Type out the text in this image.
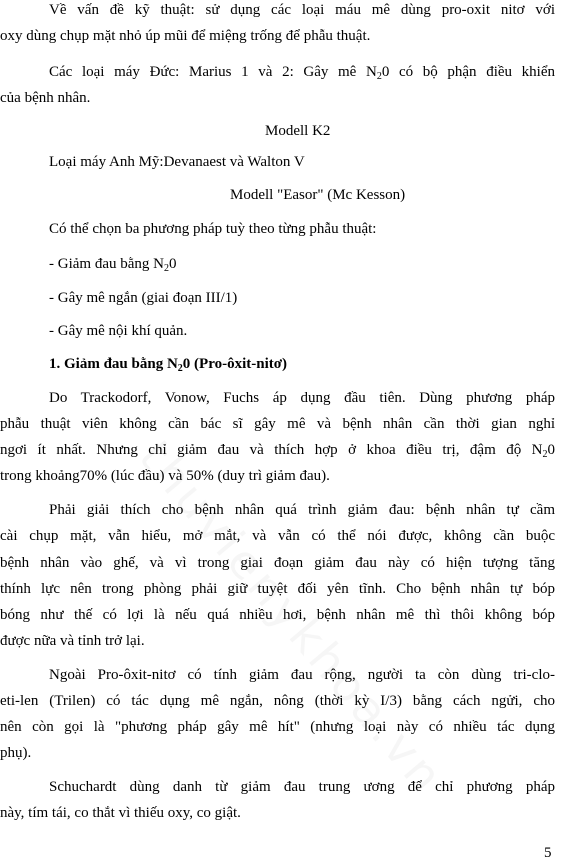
Về vấn đề kỹ thuật: sử dụng các loại máu mê dùng pro-oxit nitơ với
oxy dùng chụp mặt nhỏ úp mũi để miệng trống để phẫu thuật.
Các loại máy Đức: Marius 1 và 2: Gây mê $N_20$ có bộ phận điều khiển
của bệnh nhân.
Modell K2
Loại máy Anh Mỹ:Devanaest và Walton V
Modell "Easor" (Mc Kesson)
Có thể chọn ba phương pháp tuỳ theo từng phẫu thuật:
- Giảm đau bằng $N_20$
- Gây mê ngắn (giai đoạn III/1)
- Gây mê nội khí quản.
1. Giảm đau bằng $N_20$ (Pro-ôxit-nitơ)
Do Trackodorf, Vonow, Fuchs áp dụng đầu tiên. Dùng phương pháp
phẫu thuật viên không cần bác sĩ gây mê và bệnh nhân cần thời gian nghỉ
ngơi ít nhất. Nhưng chỉ giảm đau và thích hợp ở khoa điều trị, đậm độ $N_20$
trong khoảng70% (lúc đầu) và 50% (duy trì giảm đau).
Phải giải thích cho bệnh nhân quá trình giảm đau: bệnh nhân tự cầm
cài chụp mặt, vẫn hiểu, mở mắt, và vẫn có thể nói được, không cần buộc
bệnh nhân vào ghế, và vì trong giai đoạn giảm đau này có hiện tượng tăng
thính lực nên trong phòng phải giữ tuyệt đối yên tĩnh. Cho bệnh nhân tự bóp
bóng như thế có lợi là nếu quá nhiều hơi, bệnh nhân mê thì thôi không bóp
được nữa và tỉnh trở lại.
Ngoài Pro-ôxit-nitơ có tính giảm đau rộng, người ta còn dùng tri-clo-
eti-len (Trilen) có tác dụng mê ngắn, nông (thời kỳ I/3) bằng cách ngửi, cho
nên còn gọi là "phương pháp gây mê hít" (nhưng loại này có nhiều tác dụng
phụ).
Schuchardt dùng danh từ giảm đau trung ương để chỉ phương pháp
này, tím tái, co thắt vì thiếu oxy, co giật.
5
